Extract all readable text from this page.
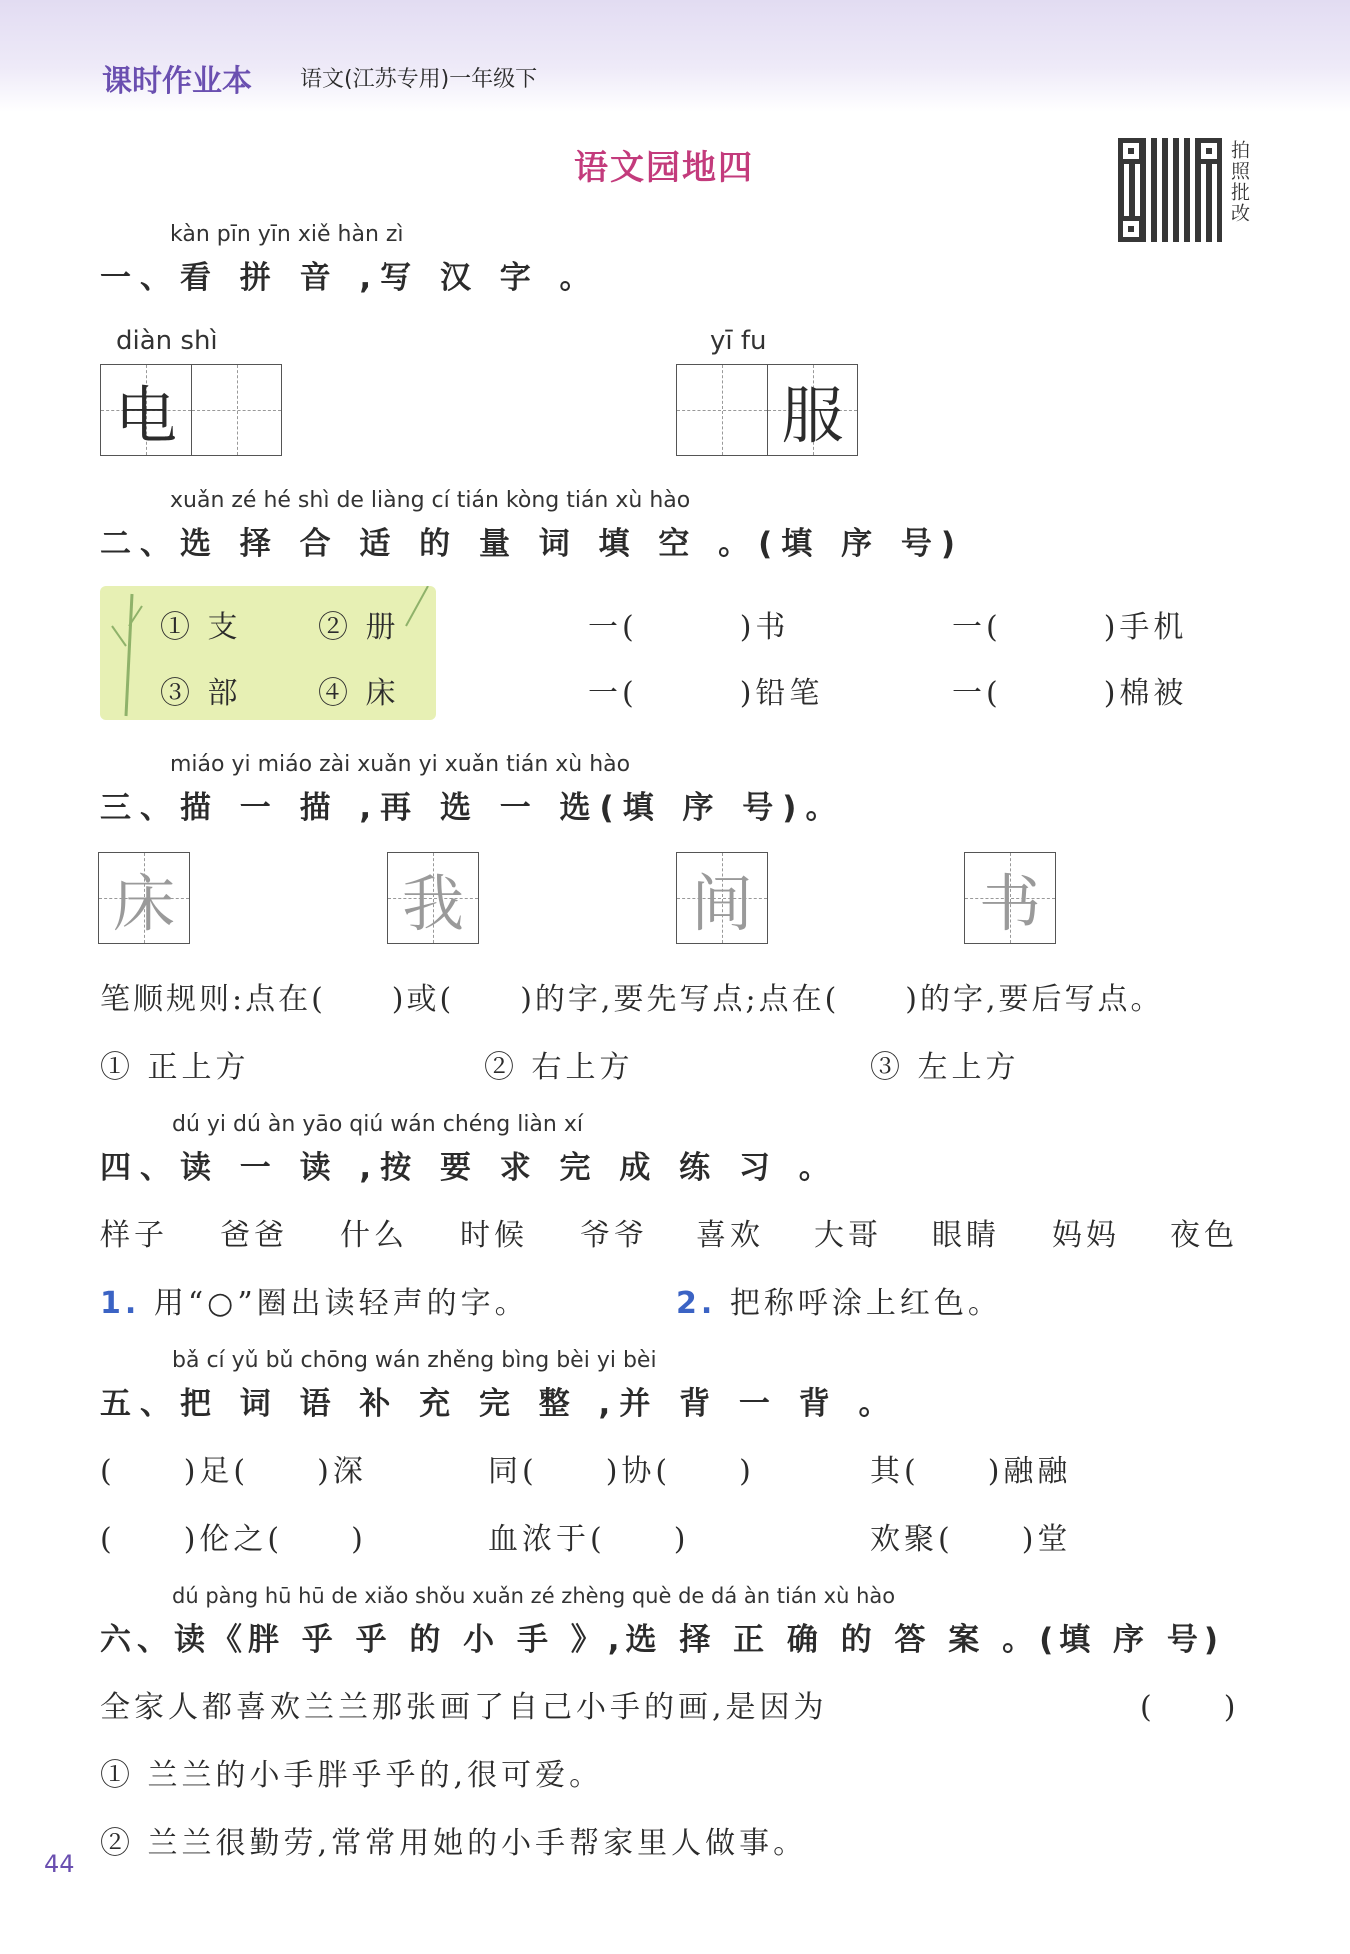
课时作业本 语文(江苏专用)一年级下
语文园地四	拍照批改
kàn pīn yīn xiě hàn zì
一、看 拼 音 ,写 汉 字 。
diàn shì
电
yī fu
服
xuǎn zé hé shì de liàng cí tián kòng tián xù hào
二、选 择 合 适 的 量 词 填 空 。(填 序 号)
① 支	② 册
③ 部	④ 床
一(　　　)书	一(　　　)手机
一(　　　)铅笔	一(　　　)棉被
miáo yi miáo zài xuǎn yi xuǎn tián xù hào
三、描 一 描 ,再 选 一 选(填 序 号)。
床	我	间	书
笔顺规则:点在(　　)或(　　)的字,要先写点;点在(　　)的字,要后写点。
① 正上方	② 右上方	③ 左上方
dú yi dú àn yāo qiú wán chéng liàn xí
四、读 一 读 ,按 要 求 完 成 练 习 。
样子 爸爸 什么 时候 爷爷 喜欢 大哥 眼睛 妈妈 夜色
1. 用“○”圈出读轻声的字。	2. 把称呼涂上红色。
bǎ cí yǔ bǔ chōng wán zhěng bìng bèi yi bèi
五、把 词 语 补 充 完 整 ,并 背 一 背 。
(　　)足(　　)深	同(　　)协(　　)	其(　　)融融
(　　)伦之(　　)	血浓于(　　)	欢聚(　　)堂
dú pàng hū hū de xiǎo shǒu xuǎn zé zhèng què de dá àn tián xù hào
六、读《胖 乎 乎 的 小 手 》,选 择 正 确 的 答 案 。(填 序 号)
全家人都喜欢兰兰那张画了自己小手的画,是因为	(　　)
① 兰兰的小手胖乎乎的,很可爱。
② 兰兰很勤劳,常常用她的小手帮家里人做事。
44
